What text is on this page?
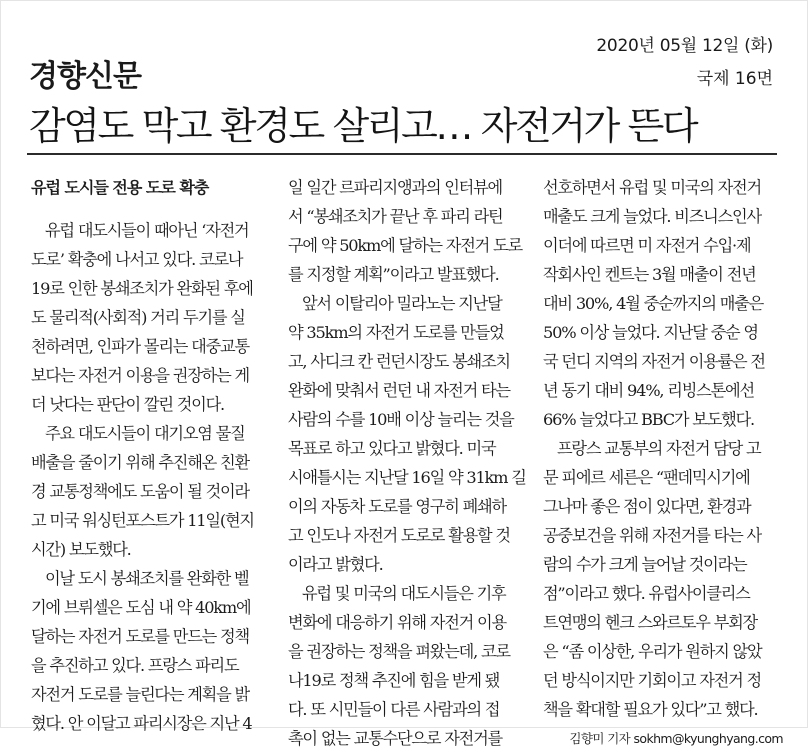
2020년 05월 12일 (화)
국제 16면
경향신문
감염도 막고 환경도 살리고… 자전거가 뜬다
유럽 도시들 전용 도로 확충
유럽 대도시들이 때아닌 ‘자전거
도로’ 확충에 나서고 있다. 코로나
19로 인한 봉쇄조치가 완화된 후에
도 물리적(사회적) 거리 두기를 실
천하려면, 인파가 몰리는 대중교통
보다는 자전거 이용을 권장하는 게
더 낫다는 판단이 깔린 것이다.
주요 대도시들이 대기오염 물질
배출을 줄이기 위해 추진해온 친환
경 교통정책에도 도움이 될 것이라
고 미국 워싱턴포스트가 11일(현지
시간) 보도했다.
이날 도시 봉쇄조치를 완화한 벨
기에 브뤼셀은 도심 내 약 40km에
달하는 자전거 도로를 만드는 정책
을 추진하고 있다. 프랑스 파리도
자전거 도로를 늘린다는 계획을 밝
혔다. 안 이달고 파리시장은 지난 4
일 일간 르파리지앵과의 인터뷰에
서 “봉쇄조치가 끝난 후 파리 라틴
구에 약 50km에 달하는 자전거 도로
를 지정할 계획”이라고 발표했다.
앞서 이탈리아 밀라노는 지난달
약 35km의 자전거 도로를 만들었
고, 사디크 칸 런던시장도 봉쇄조치
완화에 맞춰서 런던 내 자전거 타는
사람의 수를 10배 이상 늘리는 것을
목표로 하고 있다고 밝혔다. 미국
시애틀시는 지난달 16일 약 31km 길
이의 자동차 도로를 영구히 폐쇄하
고 인도나 자전거 도로로 활용할 것
이라고 밝혔다.
유럽 및 미국의 대도시들은 기후
변화에 대응하기 위해 자전거 이용
을 권장하는 정책을 펴왔는데, 코로
나19로 정책 추진에 힘을 받게 됐
다. 또 시민들이 다른 사람과의 접
촉이 없는 교통수단으로 자전거를
선호하면서 유럽 및 미국의 자전거
매출도 크게 늘었다. 비즈니스인사
이더에 따르면 미 자전거 수입·제
작회사인 켄트는 3월 매출이 전년
대비 30%, 4월 중순까지의 매출은
50% 이상 늘었다. 지난달 중순 영
국 던디 지역의 자전거 이용률은 전
년 동기 대비 94%, 리빙스톤에선
66% 늘었다고 BBC가 보도했다.
프랑스 교통부의 자전거 담당 고
문 피에르 세른은 “팬데믹시기에
그나마 좋은 점이 있다면, 환경과
공중보건을 위해 자전거를 타는 사
람의 수가 크게 늘어날 것이라는
점”이라고 했다. 유럽사이클리스
트연맹의 헨크 스와르토우 부회장
은 “좀 이상한, 우리가 원하지 않았
던 방식이지만 기회이고 자전거 정
책을 확대할 필요가 있다”고 했다.
김향미 기자 sokhm@kyunghyang.com
